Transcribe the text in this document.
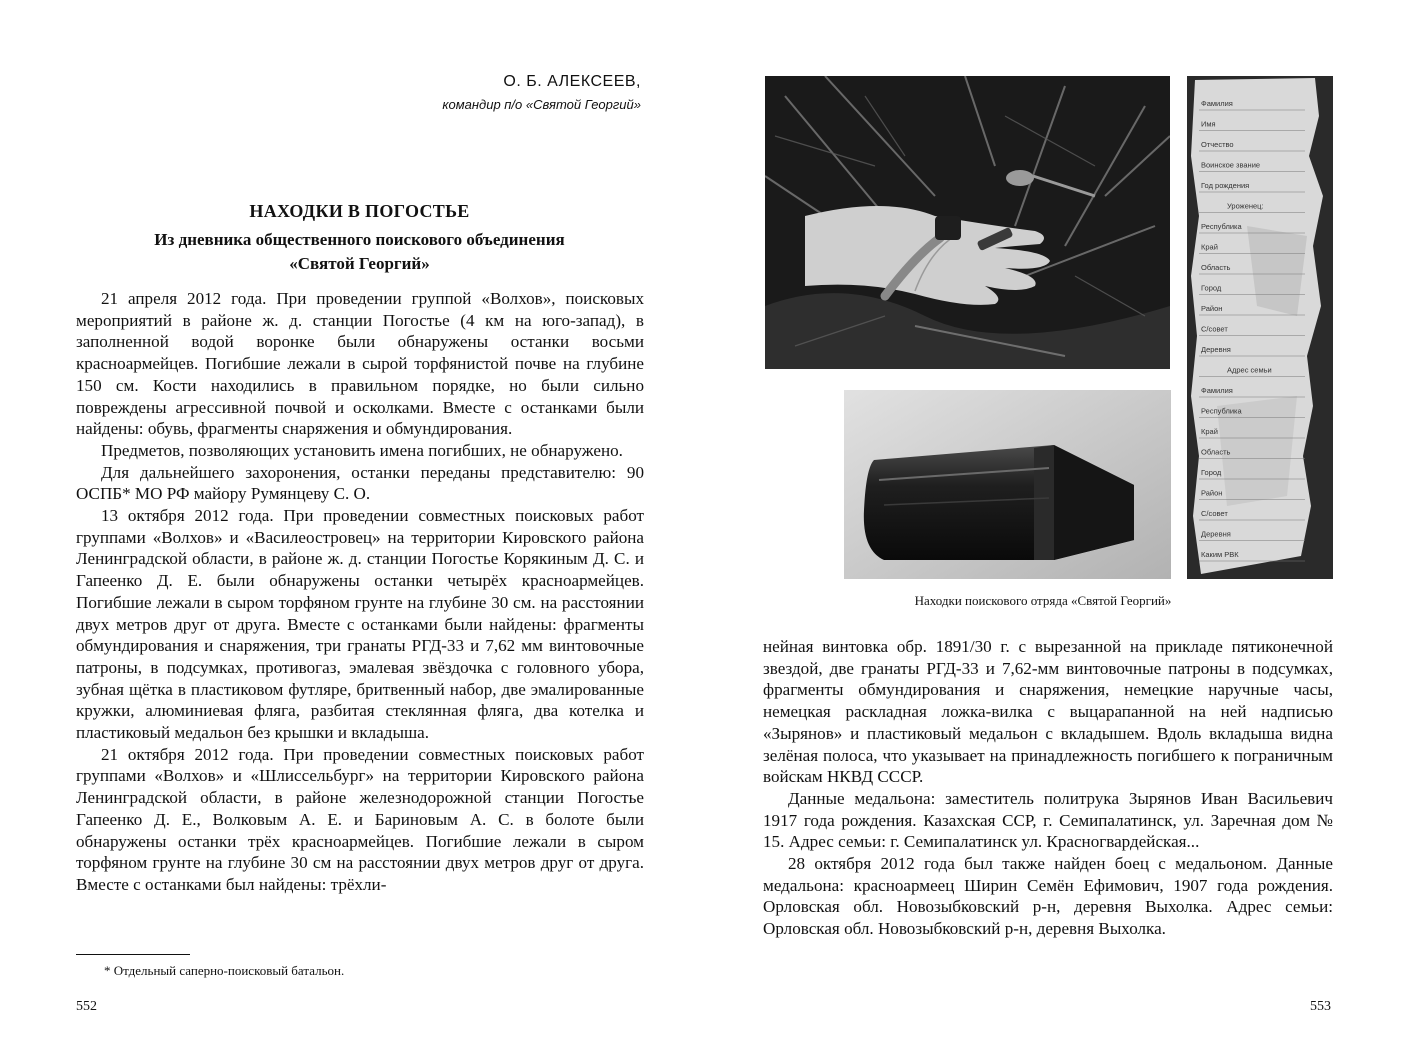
О. Б. АЛЕКСЕЕВ,
командир п/о «Святой Георгий»
НАХОДКИ В ПОГОСТЬЕ
Из дневника общественного поискового объединения
«Святой Георгий»

21 апреля 2012 года. При проведении группой «Волхов», поисковых мероприятий в районе ж. д. станции Погостье (4 км на юго-запад), в заполненной водой воронке были обнаружены останки восьми красноармейцев. Погибшие лежали в сырой торфянистой почве на глубине 150 см. Кости находились в правильном порядке, но были сильно повреждены агрессивной почвой и осколками. Вместе с останками были найдены: обувь, фрагменты снаряжения и обмундирования.

Предметов, позволяющих установить имена погибших, не обнаружено.

Для дальнейшего захоронения, останки переданы представителю: 90 ОСПБ* МО РФ майору Румянцеву С. О.

13 октября 2012 года. При проведении совместных поисковых работ группами «Волхов» и «Василеостровец» на территории Кировского района Ленинградской области, в районе ж. д. станции Погостье Корякиным Д. С. и Гапеенко Д. Е. были обнаружены останки четырёх красноармейцев. Погибшие лежали в сыром торфяном грунте на глубине 30 см. на расстоянии двух метров друг от друга. Вместе с останками были найдены: фрагменты обмундирования и снаряжения, три гранаты РГД-33 и 7,62 мм винтовочные патроны, в подсумках, противогаз, эмалевая звёздочка с головного убора, зубная щётка в пластиковом футляре, бритвенный набор, две эмалированные кружки, алюминиевая фляга, разбитая стеклянная фляга, два котелка и пластиковый медальон без крышки и вкладыша.

21 октября 2012 года. При проведении совместных поисковых работ группами «Волхов» и «Шлиссельбург» на территории Кировского района Ленинградской области, в районе железнодорожной станции Погостье Гапеенко Д. Е., Волковым А. Е. и Бариновым А. С. в болоте были обнаружены останки трёх красноармейцев. Погибшие лежали в сыром торфяном грунте на глубине 30 см на расстоянии двух метров друг от друга. Вместе с останками был найдены: трёхли-

* Отдельный саперно-поисковый батальон.
552
Фамилия
Имя
Отчество
Воинское звание
Год рождения
Уроженец:
Республика
Край
Область
Город
Район
С/совет
Деревня
Адрес семьи
Фамилия
Республика
Край
Область
Город
Район
С/совет
Деревня
Каким РВК
Находки поискового отряда «Святой Георгий»

нейная винтовка обр. 1891/30 г. с вырезанной на прикладе пятиконечной звездой, две гранаты РГД-33 и 7,62-мм винтовочные патроны в подсумках, фрагменты обмундирования и снаряжения, немецкие наручные часы, немецкая раскладная ложка-вилка с выцарапанной на ней надписью «Зырянов» и пластиковый медальон с вкладышем. Вдоль вкладыша видна зелёная полоса, что указывает на принадлежность погибшего к пограничным войскам НКВД СССР.

Данные медальона: заместитель политрука Зырянов Иван Васильевич 1917 года рождения. Казахская ССР, г. Семипалатинск, ул. Заречная дом № 15. Адрес семьи: г. Семипалатинск ул. Красногвардейская...

28 октября 2012 года был также найден боец с медальоном. Данные медальона: красноармеец Ширин Семён Ефимович, 1907 года рождения. Орловская обл. Новозыбковский р-н, деревня Выхолка. Адрес семьи: Орловская обл. Новозыбковский р-н, деревня Выхолка.

553
